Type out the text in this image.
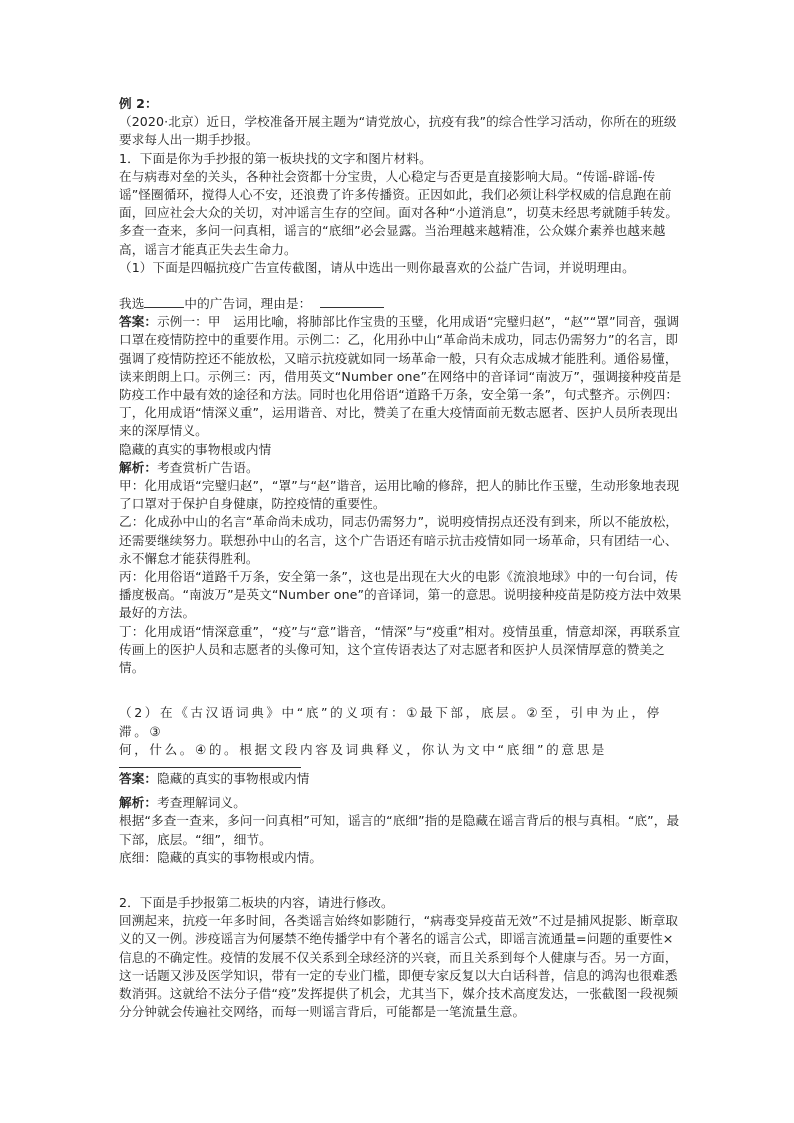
例 2：

（2020·北京）近日，学校准备开展主题为“请党放心，抗疫有我”的综合性学习活动，你所在的班级要求每人出一期手抄报。

1．下面是你为手抄报的第一板块找的文字和图片材料。

在与病毒对垒的关头，各种社会资都十分宝贵，人心稳定与否更是直接影响大局。“传谣-辟谣-传谣”怪圈循环，搅得人心不安，还浪费了许多传播资。正因如此，我们必须让科学权威的信息跑在前面，回应社会大众的关切，对冲谣言生存的空间。面对各种“小道消息”，切莫未经思考就随手转发。多查一查来，多问一问真相，谣言的“底细”必会显露。当治理越来越精准，公众媒介素养也越来越高，谣言才能真正失去生命力。

（1）下面是四幅抗疫广告宣传截图，请从中选出一则你最喜欢的公益广告词，并说明理由。

我选	中的广告词，理由是：

答案：示例一：甲　运用比喻，将肺部比作宝贵的玉璧，化用成语“完璧归赵”，“赵”“罩”同音，强调口罩在疫情防控中的重要作用。示例二：乙，化用孙中山“革命尚未成功，同志仍需努力”的名言，即强调了疫情防控还不能放松，又暗示抗疫就如同一场革命一般，只有众志成城才能胜利。通俗易懂，读来朗朗上口。示例三：丙，借用英文“Number one”在网络中的音译词“南波万”，强调接种疫苗是防疫工作中最有效的途径和方法。同时也化用俗语“道路千万条，安全第一条”，句式整齐。示例四：丁，化用成语“情深义重”，运用谐音、对比，赞美了在重大疫情面前无数志愿者、医护人员所表现出来的深厚情义。

隐藏的真实的事物根或内情

解析：考查赏析广告语。

甲：化用成语“完璧归赵”，“罩”与“赵”谐音，运用比喻的修辞，把人的肺比作玉璧，生动形象地表现了口罩对于保护自身健康，防控疫情的重要性。

乙：化成孙中山的名言“革命尚未成功，同志仍需努力”，说明疫情拐点还没有到来，所以不能放松，还需要继续努力。联想孙中山的名言，这个广告语还有暗示抗击疫情如同一场革命，只有团结一心、永不懈怠才能获得胜利。

丙：化用俗语“道路千万条，安全第一条”，这也是出现在大火的电影《流浪地球》中的一句台词，传播度极高。“南波万”是英文“Number one”的音译词，第一的意思。说明接种疫苗是防疫方法中效果最好的方法。

丁：化用成语“情深意重”，“疫”与“意”谐音，“情深”与“疫重”相对。疫情虽重，情意却深，再联系宣传画上的医护人员和志愿者的头像可知，这个宣传语表达了对志愿者和医护人员深情厚意的赞美之情。

（2）在《古汉语词典》中“底”的义项有：①最下部，底层。②至，引申为止，停滞。③

何，什么。④的。根据文段内容及词典释义，你认为文中“底细”的意思是

答案：隐藏的真实的事物根或内情

解析：考查理解词义。

根据“多查一查来，多问一问真相”可知，谣言的“底细”指的是隐藏在谣言背后的根与真相。“底”，最下部，底层。“细”，细节。

底细：隐藏的真实的事物根或内情。

2．下面是手抄报第二板块的内容，请进行修改。

回溯起来，抗疫一年多时间，各类谣言始终如影随行，“病毒变异疫苗无效”不过是捕风捉影、断章取义的又一例。涉疫谣言为何屡禁不绝传播学中有个著名的谣言公式，即谣言流通量=问题的重要性×信息的不确定性。疫情的发展不仅关系到全球经济的兴衰，而且关系到每个人健康与否。另一方面，这一话题又涉及医学知识，带有一定的专业门槛，即便专家反复以大白话科普，信息的鸿沟也很难悉数消弭。这就给不法分子借“疫”发挥提供了机会，尤其当下，媒介技术高度发达，一张截图一段视频分分钟就会传遍社交网络，而每一则谣言背后，可能都是一笔流量生意。
